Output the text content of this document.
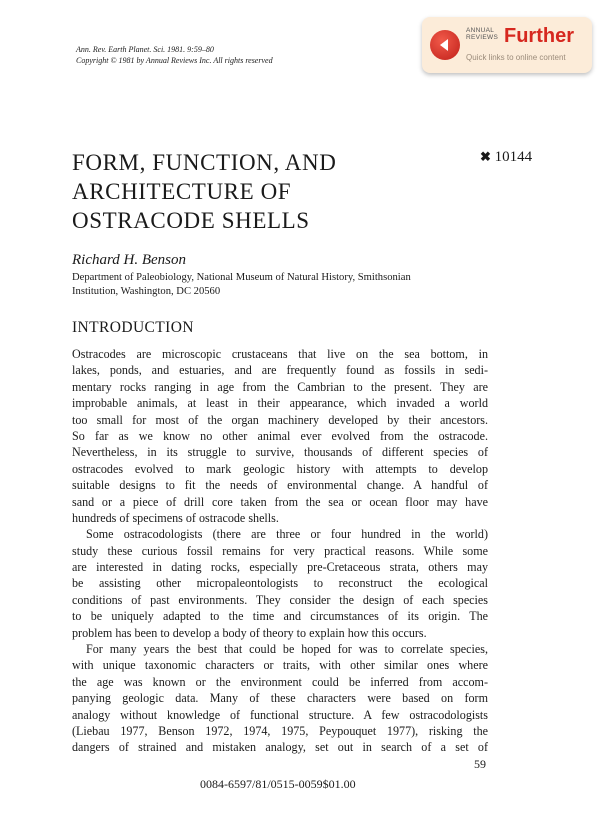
Ann. Rev. Earth Planet. Sci. 1981. 9:59–80
Copyright © 1981 by Annual Reviews Inc. All rights reserved
ANNUAL
REVIEWS Further
Quick links to online content
FORM, FUNCTION, AND
ARCHITECTURE OF
OSTRACODE SHELLS
✖ 10144
Richard H. Benson
Department of Paleobiology, National Museum of Natural History, Smithsonian
Institution, Washington, DC 20560
INTRODUCTION
Ostracodes are microscopic crustaceans that live on the sea bottom, in
lakes, ponds, and estuaries, and are frequently found as fossils in sedi-
mentary rocks ranging in age from the Cambrian to the present. They are
improbable animals, at least in their appearance, which invaded a world
too small for most of the organ machinery developed by their ancestors.
So far as we know no other animal ever evolved from the ostracode.
Nevertheless, in its struggle to survive, thousands of different species of
ostracodes evolved to mark geologic history with attempts to develop
suitable designs to fit the needs of environmental change. A handful of
sand or a piece of drill core taken from the sea or ocean floor may have
hundreds of specimens of ostracode shells.
Some ostracodologists (there are three or four hundred in the world)
study these curious fossil remains for very practical reasons. While some
are interested in dating rocks, especially pre-Cretaceous strata, others may
be assisting other micropaleontologists to reconstruct the ecological
conditions of past environments. They consider the design of each species
to be uniquely adapted to the time and circumstances of its origin. The
problem has been to develop a body of theory to explain how this occurs.
For many years the best that could be hoped for was to correlate species,
with unique taxonomic characters or traits, with other similar ones where
the age was known or the environment could be inferred from accom-
panying geologic data. Many of these characters were based on form
analogy without knowledge of functional structure. A few ostracodologists
(Liebau 1977, Benson 1972, 1974, 1975, Peypouquet 1977), risking the
dangers of strained and mistaken analogy, set out in search of a set of
59
0084-6597/81/0515-0059$01.00
